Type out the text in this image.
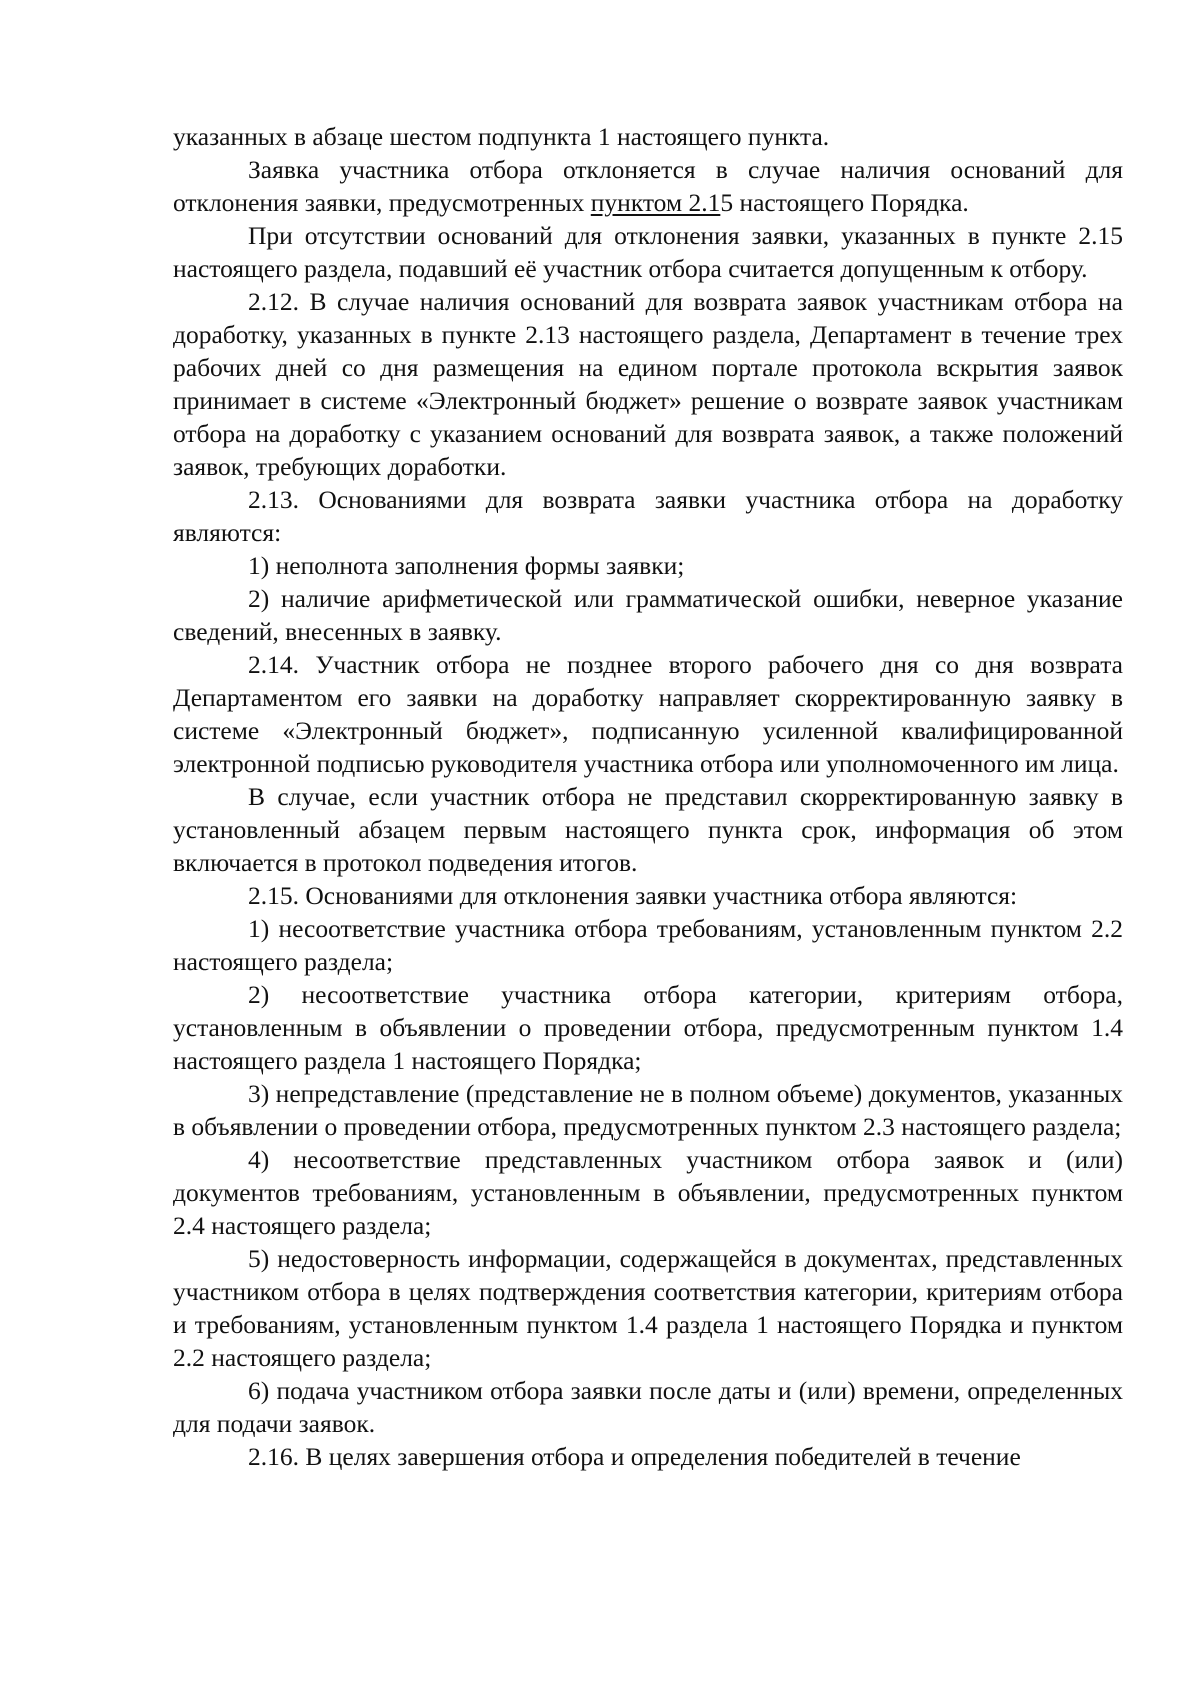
указанных в абзаце шестом подпункта 1 настоящего пункта.

Заявка участника отбора отклоняется в случае наличия оснований для отклонения заявки, предусмотренных пунктом 2.15 настоящего Порядка.

При отсутствии оснований для отклонения заявки, указанных в пункте 2.15 настоящего раздела, подавший её участник отбора считается допущенным к отбору.

2.12. В случае наличия оснований для возврата заявок участникам отбора на доработку, указанных в пункте 2.13 настоящего раздела, Департамент в течение трех рабочих дней со дня размещения на едином портале протокола вскрытия заявок принимает в системе «Электронный бюджет» решение о возврате заявок участникам отбора на доработку с указанием оснований для возврата заявок, а также положений заявок, требующих доработки.

2.13. Основаниями для возврата заявки участника отбора на доработку являются:

1) неполнота заполнения формы заявки;

2) наличие арифметической или грамматической ошибки, неверное указание сведений, внесенных в заявку.

2.14. Участник отбора не позднее второго рабочего дня со дня возврата Департаментом его заявки на доработку направляет скорректированную заявку в системе «Электронный бюджет», подписанную усиленной квалифицированной электронной подписью руководителя участника отбора или уполномоченного им лица.

В случае, если участник отбора не представил скорректированную заявку в установленный абзацем первым настоящего пункта срок, информация об этом включается в протокол подведения итогов.

2.15. Основаниями для отклонения заявки участника отбора являются:

1) несоответствие участника отбора требованиям, установленным пунктом 2.2 настоящего раздела;

2) несоответствие участника отбора категории, критериям отбора, установленным в объявлении о проведении отбора, предусмотренным пунктом 1.4 настоящего раздела 1 настоящего Порядка;

3) непредставление (представление не в полном объеме) документов, указанных в объявлении о проведении отбора, предусмотренных пунктом 2.3 настоящего раздела;

4) несоответствие представленных участником отбора заявок и (или) документов требованиям, установленным в объявлении, предусмотренных пунктом 2.4 настоящего раздела;

5) недостоверность информации, содержащейся в документах, представленных участником отбора в целях подтверждения соответствия категории, критериям отбора и требованиям, установленным пунктом 1.4 раздела 1 настоящего Порядка и пунктом 2.2 настоящего раздела;

6) подача участником отбора заявки после даты и (или) времени, определенных для подачи заявок.

2.16. В целях завершения отбора и определения победителей в течение
